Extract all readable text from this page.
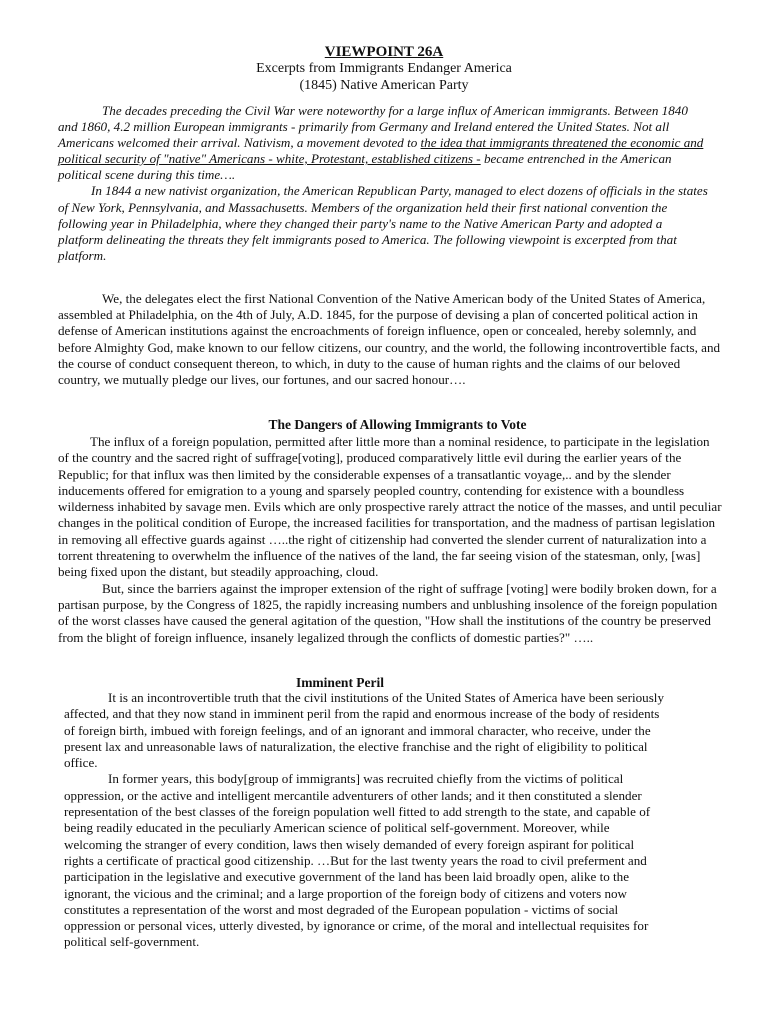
VIEWPOINT 26A
Excerpts from Immigrants Endanger America
(1845) Native American Party

The decades preceding the Civil War were noteworthy for a large influx of American immigrants. Between 1840 and 1860, 4.2 million European immigrants - primarily from Germany and Ireland entered the United States. Not all Americans welcomed their arrival. Nativism, a movement devoted to the idea that immigrants threatened the economic and political security of "native" Americans - white, Protestant, established citizens - became entrenched in the American political scene during this time….

In 1844 a new nativist organization, the American Republican Party, managed to elect dozens of officials in the states of New York, Pennsylvania, and Massachusetts. Members of the organization held their first national convention the following year in Philadelphia, where they changed their party's name to the Native American Party and adopted a platform delineating the threats they felt immigrants posed to America. The following viewpoint is excerpted from that platform.

We, the delegates elect the first National Convention of the Native American body of the United States of America, assembled at Philadelphia, on the 4th of July, A.D. 1845, for the purpose of devising a plan of concerted political action in defense of American institutions against the encroachments of foreign influence, open or concealed, hereby solemnly, and before Almighty God, make known to our fellow citizens, our country, and the world, the following incontrovertible facts, and the course of conduct consequent thereon, to which, in duty to the cause of human rights and the claims of our beloved country, we mutually pledge our lives, our fortunes, and our sacred honour….

The Dangers of Allowing Immigrants to Vote

The influx of a foreign population, permitted after little more than a nominal residence, to participate in the legislation of the country and the sacred right of suffrage[voting], produced comparatively little evil during the earlier years of the Republic; for that influx was then limited by the considerable expenses of a transatlantic voyage,.. and by the slender inducements offered for emigration to a young and sparsely peopled country, contending for existence with a boundless wilderness inhabited by savage men. Evils which are only prospective rarely attract the notice of the masses, and until peculiar changes in the political condition of Europe, the increased facilities for transportation, and the madness of partisan legislation in removing all effective guards against …..the right of citizenship had converted the slender current of naturalization into a torrent threatening to overwhelm the influence of the natives of the land, the far seeing vision of the statesman, only, [was] being fixed upon the distant, but steadily approaching, cloud.

But, since the barriers against the improper extension of the right of suffrage [voting] were bodily broken down, for a partisan purpose, by the Congress of 1825, the rapidly increasing numbers and unblushing insolence of the foreign population of the worst classes have caused the general agitation of the question, "How shall the institutions of the country be preserved from the blight of foreign influence, insanely legalized through the conflicts of domestic parties?" …..

Imminent Peril

It is an incontrovertible truth that the civil institutions of the United States of America have been seriously affected, and that they now stand in imminent peril from the rapid and enormous increase of the body of residents of foreign birth, imbued with foreign feelings, and of an ignorant and immoral character, who receive, under the present lax and unreasonable laws of naturalization, the elective franchise and the right of eligibility to political office.

In former years, this body[group of immigrants] was recruited chiefly from the victims of political oppression, or the active and intelligent mercantile adventurers of other lands; and it then constituted a slender representation of the best classes of the foreign population well fitted to add strength to the state, and capable of being readily educated in the peculiarly American science of political self-government. Moreover, while welcoming the stranger of every condition, laws then wisely demanded of every foreign aspirant for political rights a certificate of practical good citizenship. …But for the last twenty years the road to civil preferment and participation in the legislative and executive government of the land has been laid broadly open, alike to the ignorant, the vicious and the criminal; and a large proportion of the foreign body of citizens and voters now constitutes a representation of the worst and most degraded of the European population - victims of social oppression or personal vices, utterly divested, by ignorance or crime, of the moral and intellectual requisites for political self-government.
